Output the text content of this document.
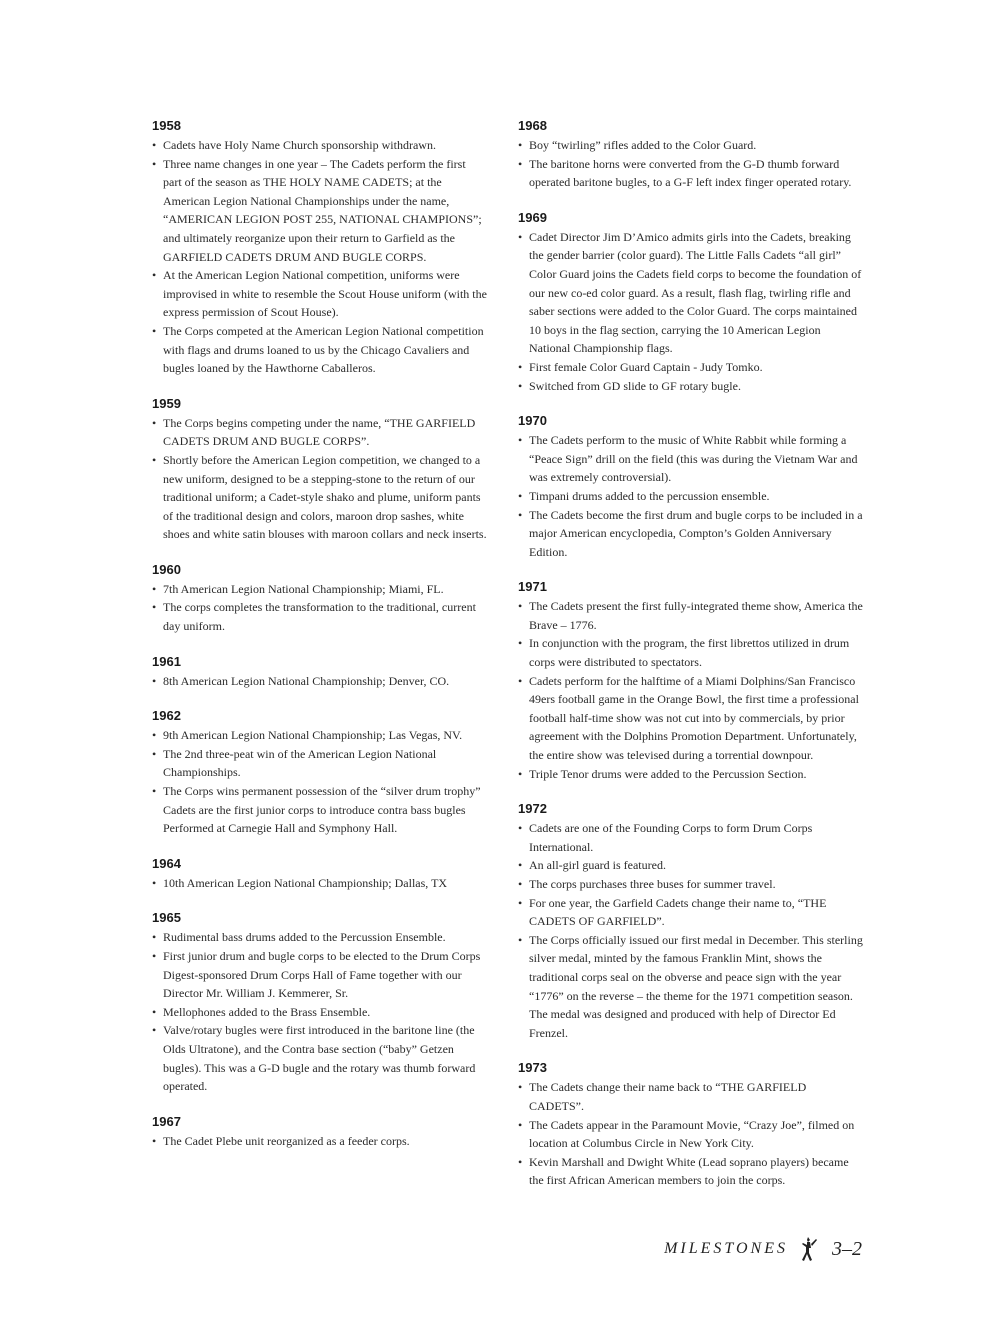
1958
• Cadets have Holy Name Church sponsorship withdrawn.
• Three name changes in one year – The Cadets perform the first part of the season as THE HOLY NAME CADETS; at the American Legion National Championships under the name, “AMERICAN LEGION POST 255, NATIONAL CHAMPIONS”; and ultimately reorganize upon their return to Garfield as the GARFIELD CADETS DRUM AND BUGLE CORPS.
• At the American Legion National competition, uniforms were improvised in white to resemble the Scout House uniform (with the express permission of Scout House).
• The Corps competed at the American Legion National competition with flags and drums loaned to us by the Chicago Cavaliers and bugles loaned by the Hawthorne Caballeros.
1959
• The Corps begins competing under the name, “THE GARFIELD CADETS DRUM AND BUGLE CORPS”.
• Shortly before the American Legion competition, we changed to a new uniform, designed to be a stepping-stone to the return of our traditional uniform; a Cadet-style shako and plume, uniform pants of the traditional design and colors, maroon drop sashes, white shoes and white satin blouses with maroon collars and neck inserts.
1960
• 7th American Legion National Championship; Miami, FL.
• The corps completes the transformation to the traditional, current day uniform.
1961
• 8th American Legion National Championship; Denver, CO.
1962
• 9th American Legion National Championship; Las Vegas, NV.
• The 2nd three-peat win of the American Legion National Championships.
• The Corps wins permanent possession of the “silver drum trophy” Cadets are the first junior corps to introduce contra bass bugles Performed at Carnegie Hall and Symphony Hall.
1964
• 10th American Legion National Championship; Dallas, TX
1965
• Rudimental bass drums added to the Percussion Ensemble.
• First junior drum and bugle corps to be elected to the Drum Corps Digest-sponsored Drum Corps Hall of Fame together with our Director Mr. William J. Kemmerer, Sr.
• Mellophones added to the Brass Ensemble.
• Valve/rotary bugles were first introduced in the baritone line (the Olds Ultratone), and the Contra base section (“baby” Getzen bugles). This was a G-D bugle and the rotary was thumb forward operated.
1967
• The Cadet Plebe unit reorganized as a feeder corps.
1968
• Boy “twirling” rifles added to the Color Guard.
• The baritone horns were converted from the G-D thumb forward operated baritone bugles, to a G-F left index finger operated rotary.
1969
• Cadet Director Jim D’Amico admits girls into the Cadets, breaking the gender barrier (color guard). The Little Falls Cadets “all girl” Color Guard joins the Cadets field corps to become the foundation of our new co-ed color guard. As a result, flash flag, twirling rifle and saber sections were added to the Color Guard. The corps maintained 10 boys in the flag section, carrying the 10 American Legion National Championship flags.
• First female Color Guard Captain - Judy Tomko.
• Switched from GD slide to GF rotary bugle.
1970
• The Cadets perform to the music of White Rabbit while forming a “Peace Sign” drill on the field (this was during the Vietnam War and was extremely controversial).
• Timpani drums added to the percussion ensemble.
• The Cadets become the first drum and bugle corps to be included in a major American encyclopedia, Compton’s Golden Anniversary Edition.
1971
• The Cadets present the first fully-integrated theme show, America the Brave – 1776.
• In conjunction with the program, the first librettos utilized in drum corps were distributed to spectators.
• Cadets perform for the halftime of a Miami Dolphins/San Francisco 49ers football game in the Orange Bowl, the first time a professional football half-time show was not cut into by commercials, by prior agreement with the Dolphins Promotion Department. Unfortunately, the entire show was televised during a torrential downpour.
• Triple Tenor drums were added to the Percussion Section.
1972
• Cadets are one of the Founding Corps to form Drum Corps International.
• An all-girl guard is featured.
• The corps purchases three buses for summer travel.
• For one year, the Garfield Cadets change their name to, “THE CADETS OF GARFIELD”.
• The Corps officially issued our first medal in December. This sterling silver medal, minted by the famous Franklin Mint, shows the traditional corps seal on the obverse and peace sign with the year “1776” on the reverse – the theme for the 1971 competition season. The medal was designed and produced with help of Director Ed Frenzel.
1973
• The Cadets change their name back to “THE GARFIELD CADETS”.
• The Cadets appear in the Paramount Movie, “Crazy Joe”, filmed on location at Columbus Circle in New York City.
• Kevin Marshall and Dwight White (Lead soprano players) became the first African American members to join the corps.
MILESTONES 3–2
